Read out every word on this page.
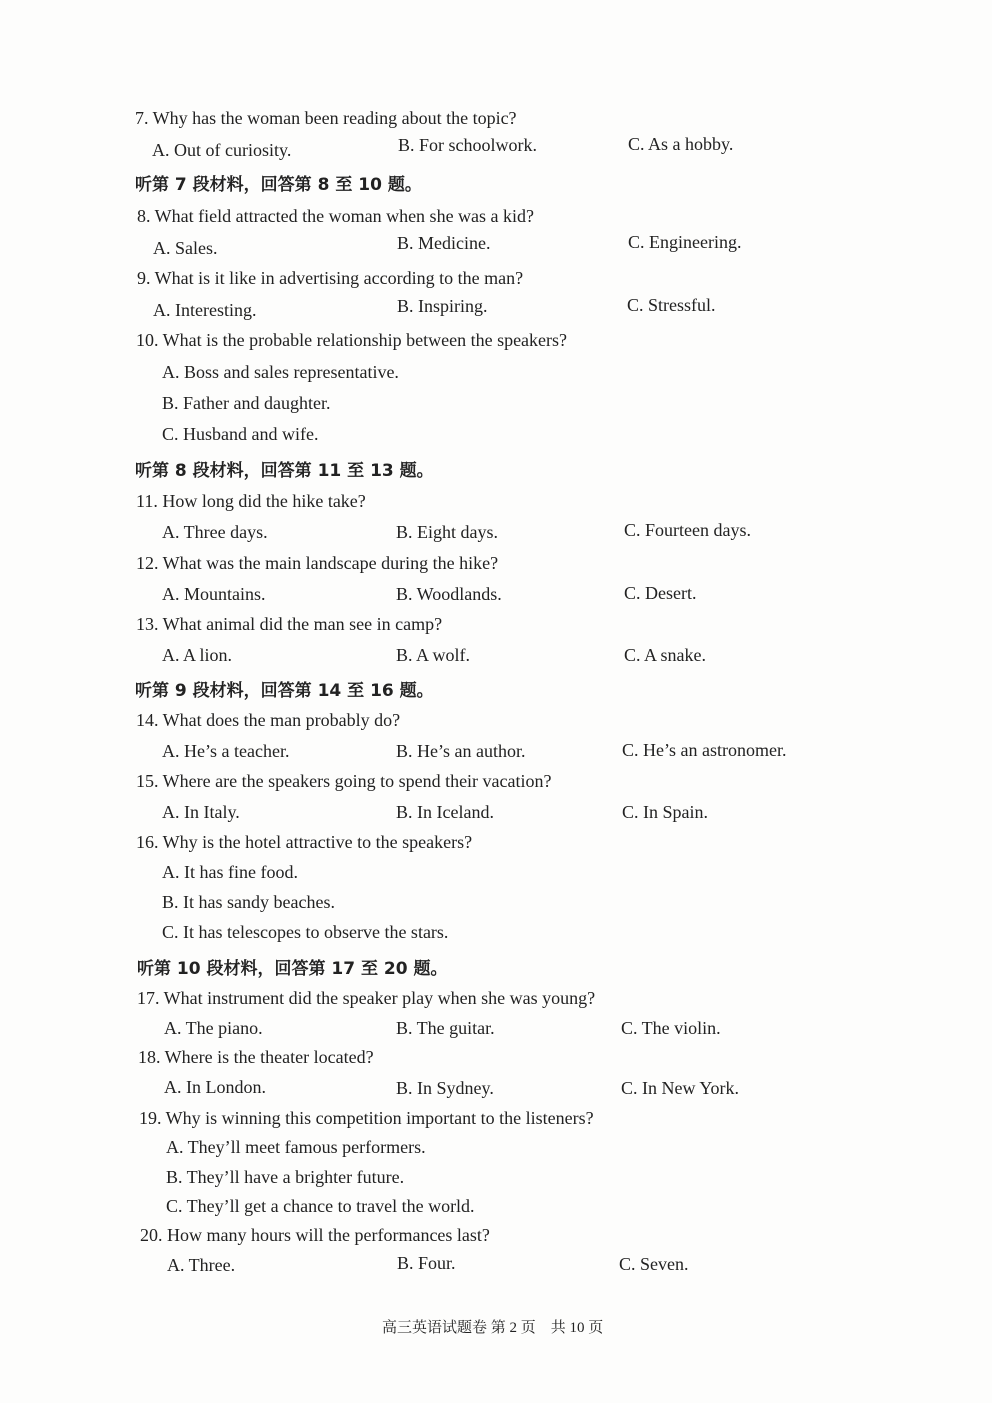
7. Why has the woman been reading about the topic?
A. Out of curiosity.	B. For schoolwork.	C. As a hobby.
听第 7 段材料，回答第 8 至 10 题。
8. What field attracted the woman when she was a kid?
A. Sales.	B. Medicine.	C. Engineering.
9. What is it like in advertising according to the man?
A. Interesting.	B. Inspiring.	C. Stressful.
10. What is the probable relationship between the speakers?
A. Boss and sales representative.
B. Father and daughter.
C. Husband and wife.
听第 8 段材料，回答第 11 至 13 题。
11. How long did the hike take?
A. Three days.	B. Eight days.	C. Fourteen days.
12. What was the main landscape during the hike?
A. Mountains.	B. Woodlands.	C. Desert.
13. What animal did the man see in camp?
A. A lion.	B. A wolf.	C. A snake.
听第 9 段材料，回答第 14 至 16 题。
14. What does the man probably do?
A. He’s a teacher.	B. He’s an author.	C. He’s an astronomer.
15. Where are the speakers going to spend their vacation?
A. In Italy.	B. In Iceland.	C. In Spain.
16. Why is the hotel attractive to the speakers?
A. It has fine food.
B. It has sandy beaches.
C. It has telescopes to observe the stars.
听第 10 段材料，回答第 17 至 20 题。
17. What instrument did the speaker play when she was young?
A. The piano.	B. The guitar.	C. The violin.
18. Where is the theater located?
A. In London.	B. In Sydney.	C. In New York.
19. Why is winning this competition important to the listeners?
A. They’ll meet famous performers.
B. They’ll have a brighter future.
C. They’ll get a chance to travel the world.
20. How many hours will the performances last?
A. Three.	B. Four.	C. Seven.
高三英语试题卷 第 2 页　共 10 页
